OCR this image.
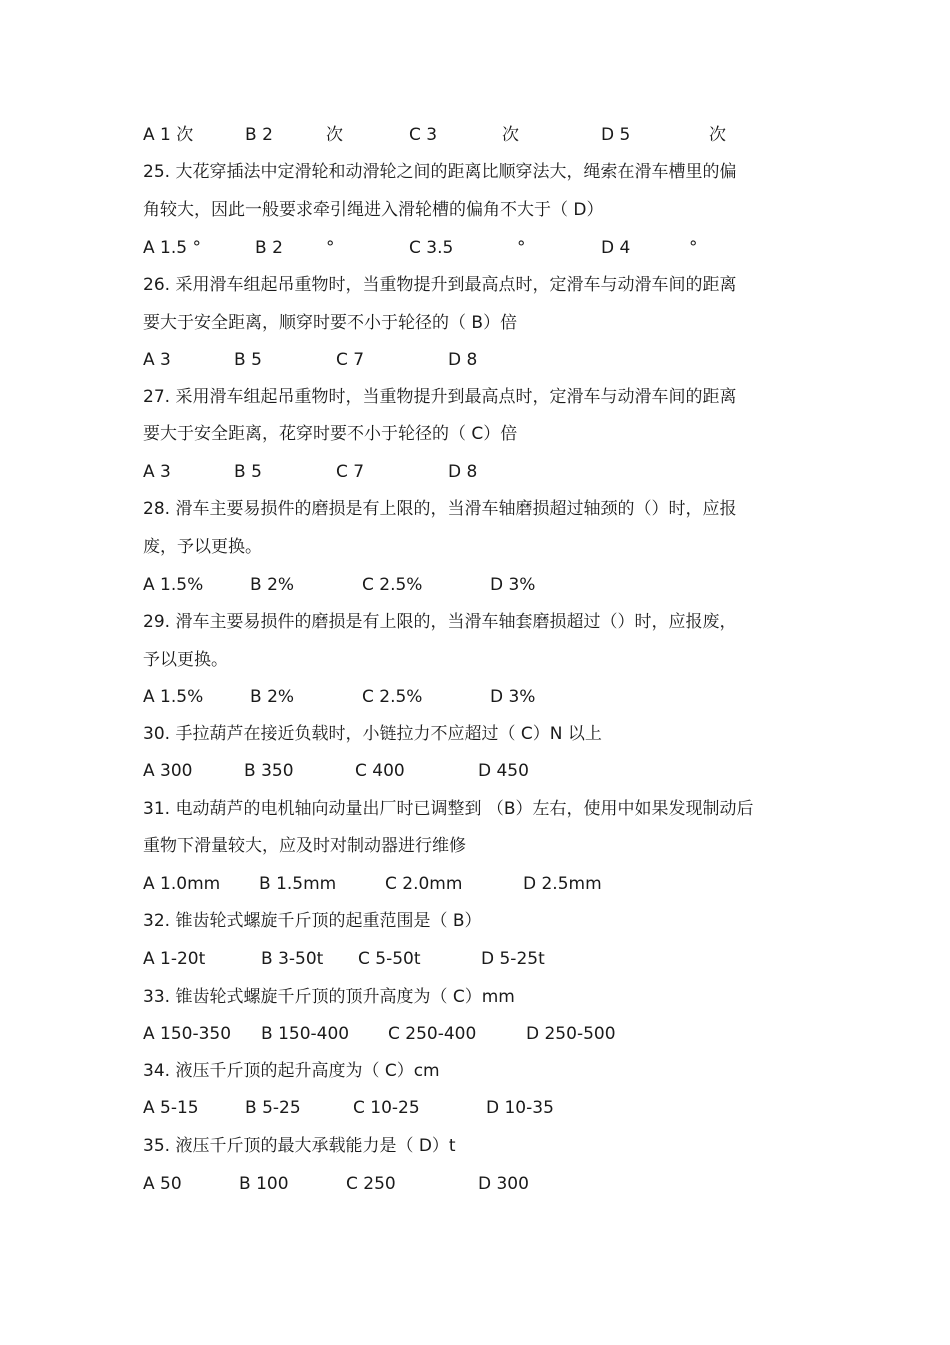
A 1 次	B 2	次	C 3	次	D 5	次
25. 大花穿插法中定滑轮和动滑轮之间的距离比顺穿法大，绳索在滑车槽里的偏
角较大，因此一般要求牵引绳进入滑轮槽的偏角不大于（ D）
A 1.5 °	B 2	°	C 3.5	°	D 4	°
26. 采用滑车组起吊重物时，当重物提升到最高点时，定滑车与动滑车间的距离
要大于安全距离，顺穿时要不小于轮径的（ B）倍
A 3	B 5	C 7	D 8
27. 采用滑车组起吊重物时，当重物提升到最高点时，定滑车与动滑车间的距离
要大于安全距离，花穿时要不小于轮径的（ C）倍
A 3	B 5	C 7	D 8
28. 滑车主要易损件的磨损是有上限的，当滑车轴磨损超过轴颈的（）时，应报
废，予以更换。
A 1.5%	B 2%	C 2.5%	D 3%
29. 滑车主要易损件的磨损是有上限的，当滑车轴套磨损超过（）时，应报废，
予以更换。
A 1.5%	B 2%	C 2.5%	D 3%
30. 手拉葫芦在接近负载时，小链拉力不应超过（ C）N 以上
A 300	B 350	C 400	D 450
31. 电动葫芦的电机轴向动量出厂时已调整到 （B）左右，使用中如果发现制动后
重物下滑量较大，应及时对制动器进行维修
A 1.0mm B 1.5mm	C 2.0mm	D 2.5mm
32. 锥齿轮式螺旋千斤顶的起重范围是（ B）
A 1-20t	B 3-50t C 5-50t	D 5-25t
33. 锥齿轮式螺旋千斤顶的顶升高度为（ C）mm
A 150-350 B 150-400 C 250-400	D 250-500
34. 液压千斤顶的起升高度为（ C）cm
A 5-15	B 5-25	C 10-25	D 10-35
35. 液压千斤顶的最大承载能力是（ D）t
A 50	B 100	C 250	D 300
